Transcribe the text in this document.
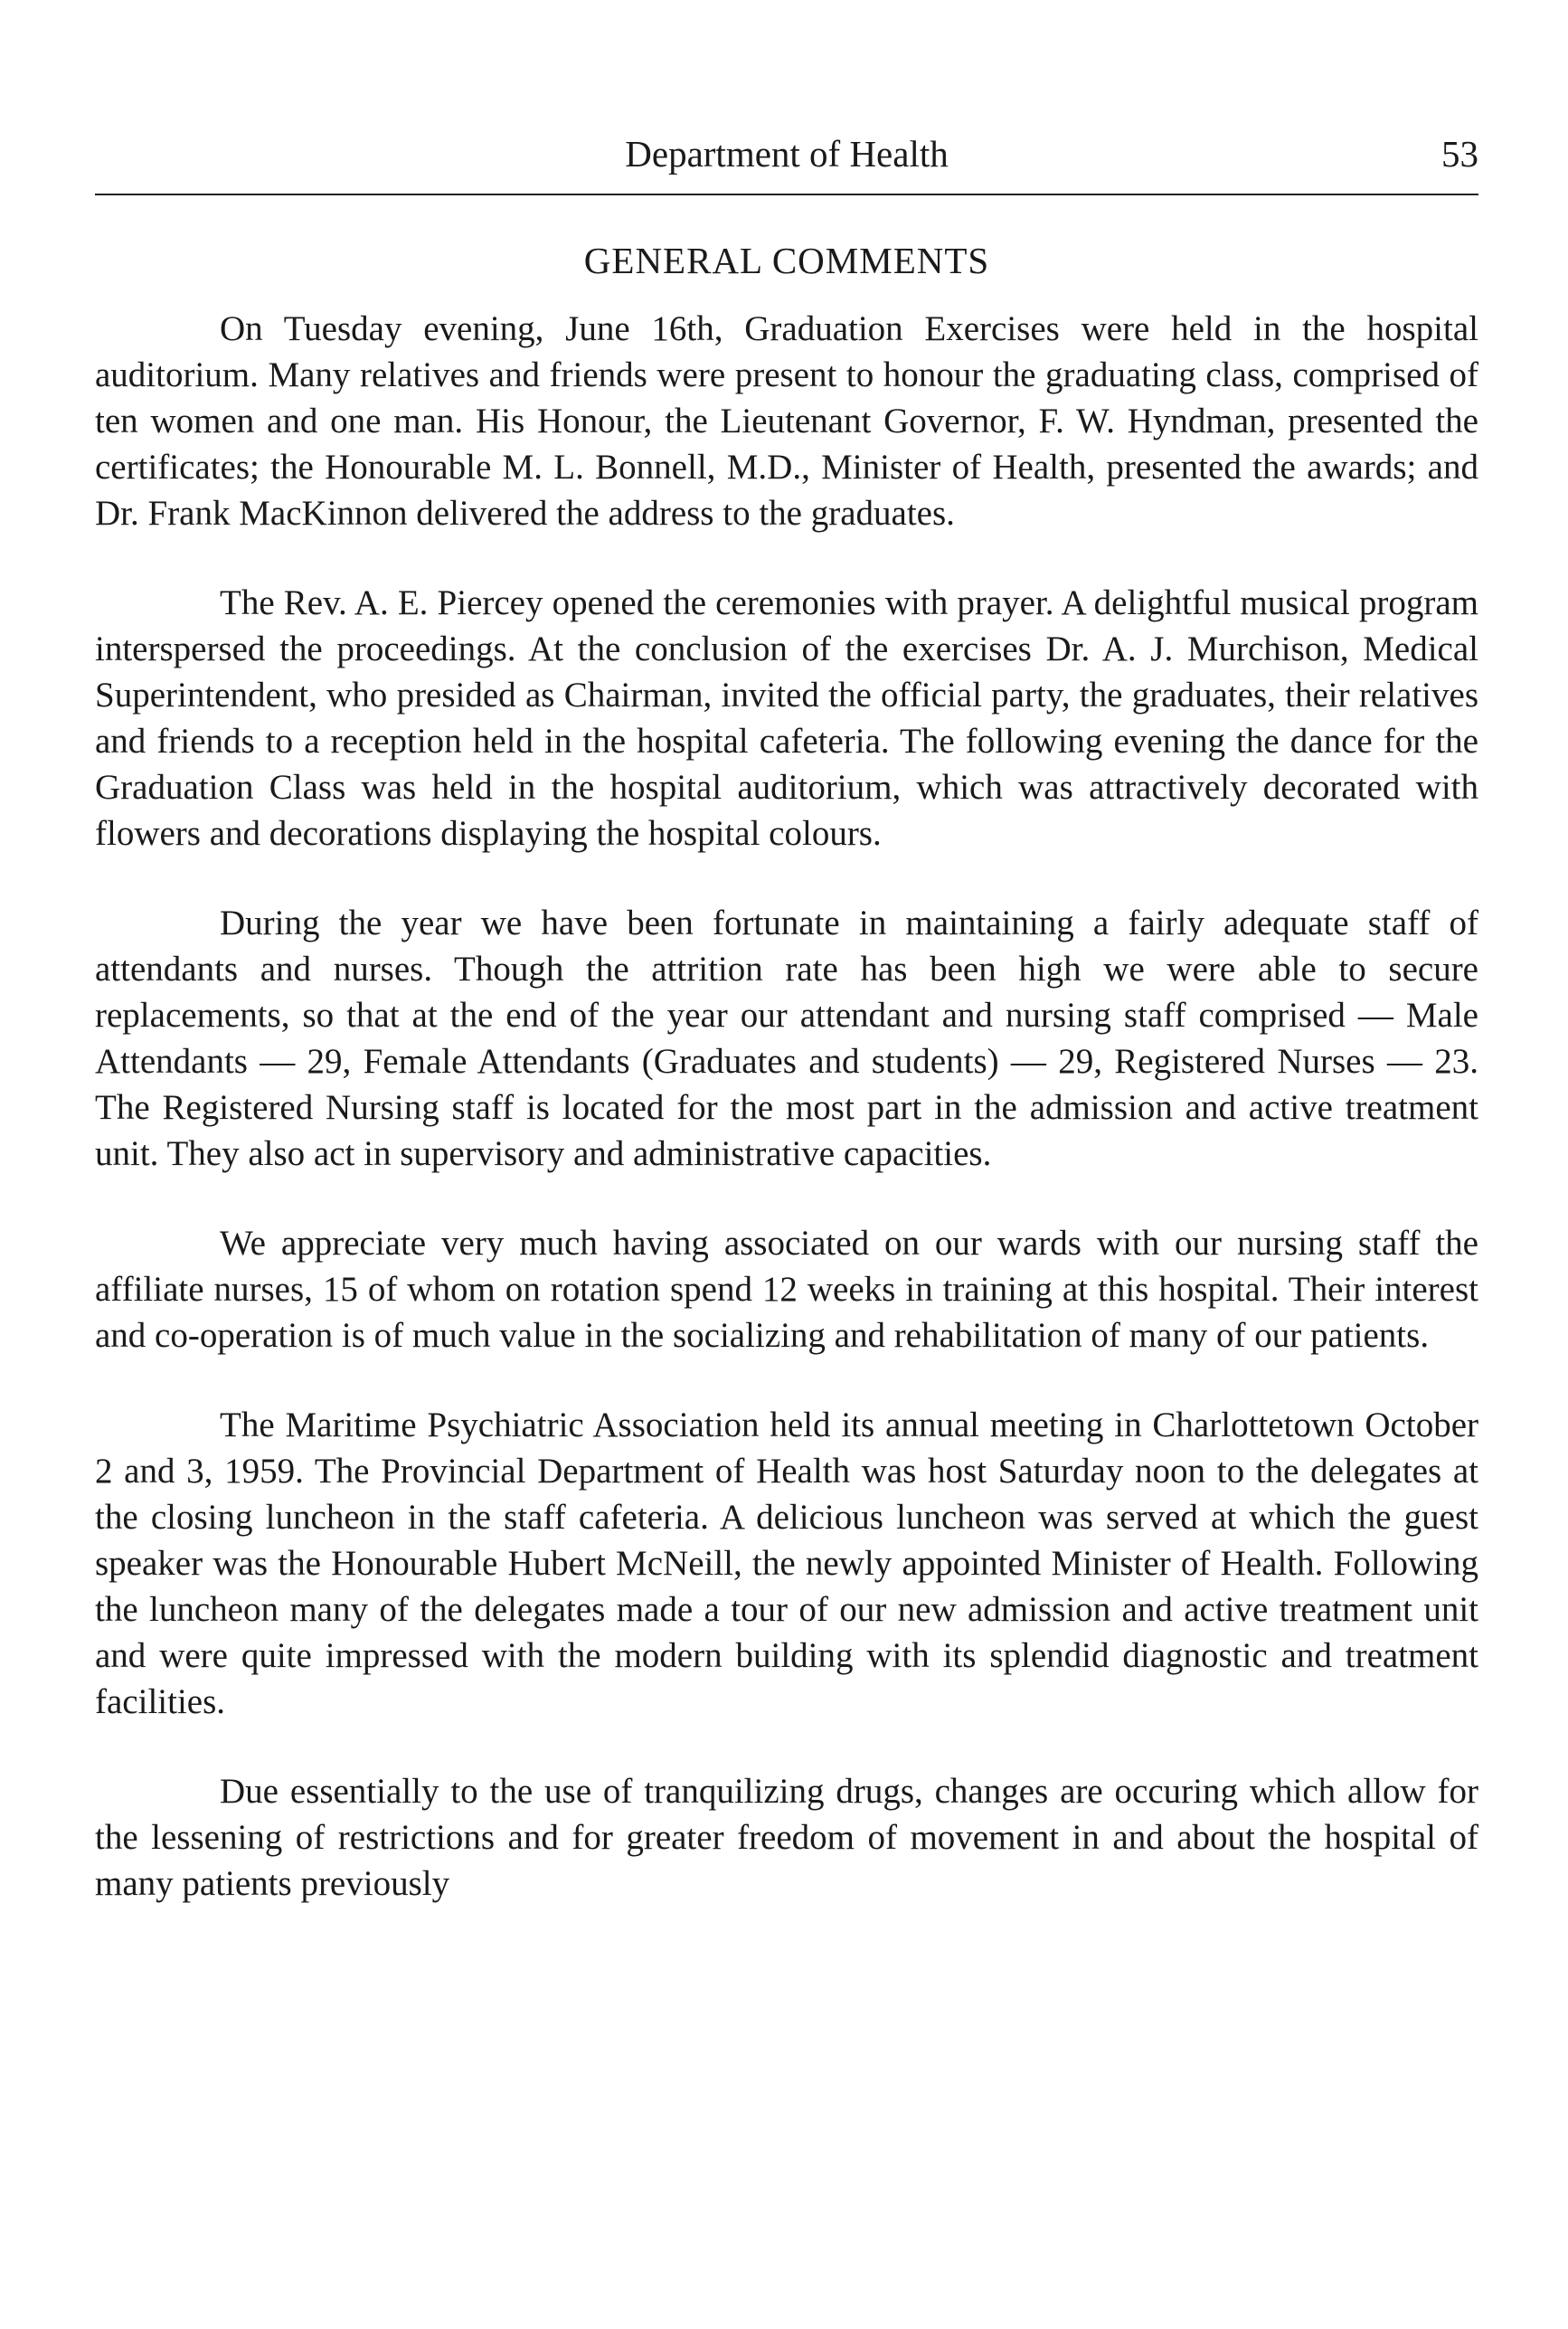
Department of Health	53
GENERAL COMMENTS

On Tuesday evening, June 16th, Graduation Exercises were held in the hospital auditorium. Many relatives and friends were present to honour the graduating class, comprised of ten women and one man. His Honour, the Lieutenant Governor, F. W. Hyndman, presented the certificates; the Honourable M. L. Bonnell, M.D., Minister of Health, presented the awards; and Dr. Frank MacKinnon delivered the address to the graduates.

The Rev. A. E. Piercey opened the ceremonies with prayer. A delightful musical program interspersed the proceedings. At the conclusion of the exercises Dr. A. J. Murchison, Medical Superintendent, who presided as Chairman, invited the official party, the graduates, their relatives and friends to a reception held in the hospital cafeteria. The following evening the dance for the Graduation Class was held in the hospital auditorium, which was attractively decorated with flowers and decorations displaying the hospital colours.

During the year we have been fortunate in maintaining a fairly adequate staff of attendants and nurses. Though the attrition rate has been high we were able to secure replacements, so that at the end of the year our attendant and nursing staff comprised — Male Attendants — 29, Female Attendants (Graduates and students) — 29, Registered Nurses — 23. The Registered Nursing staff is located for the most part in the admission and active treatment unit. They also act in supervisory and administrative capacities.

We appreciate very much having associated on our wards with our nursing staff the affiliate nurses, 15 of whom on rotation spend 12 weeks in training at this hospital. Their interest and co-operation is of much value in the socializing and rehabilitation of many of our patients.

The Maritime Psychiatric Association held its annual meeting in Charlottetown October 2 and 3, 1959. The Provincial Department of Health was host Saturday noon to the delegates at the closing luncheon in the staff cafeteria. A delicious luncheon was served at which the guest speaker was the Honourable Hubert McNeill, the newly appointed Minister of Health. Following the luncheon many of the delegates made a tour of our new admission and active treatment unit and were quite impressed with the modern building with its splendid diagnostic and treatment facilities.

Due essentially to the use of tranquilizing drugs, changes are occuring which allow for the lessening of restrictions and for greater freedom of movement in and about the hospital of many patients previously
